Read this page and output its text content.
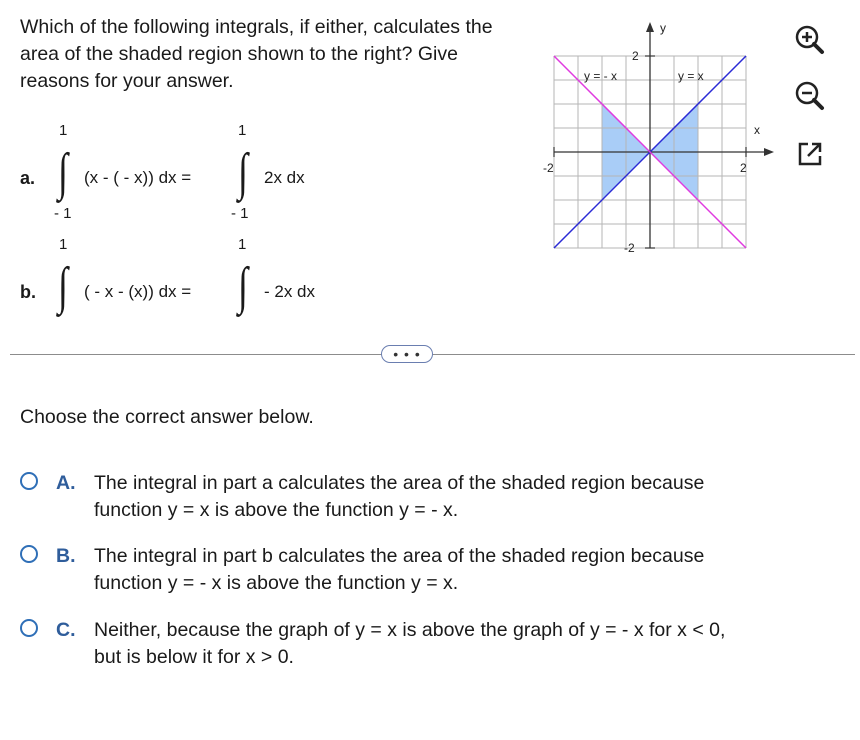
Which of the following integrals, if either, calculates the area of the shaded region shown to the right? Give reasons for your answer.
a.
1
∫
- 1
(x - ( - x)) dx =
1
∫
- 1
2x dx
b.
1
∫ ( - x - (x)) dx =
1
∫ - 2x dx
y
x
2
-2
-2	2
y = - x	y = x
• • •
Choose the correct answer below.
A. The integral in part a calculates the area of the shaded region because
function y = x is above the function y = - x.
B. The integral in part b calculates the area of the shaded region because
function y = - x is above the function y = x.
C. Neither, because the graph of y = x is above the graph of y = - x for x < 0,
but is below it for x > 0.
